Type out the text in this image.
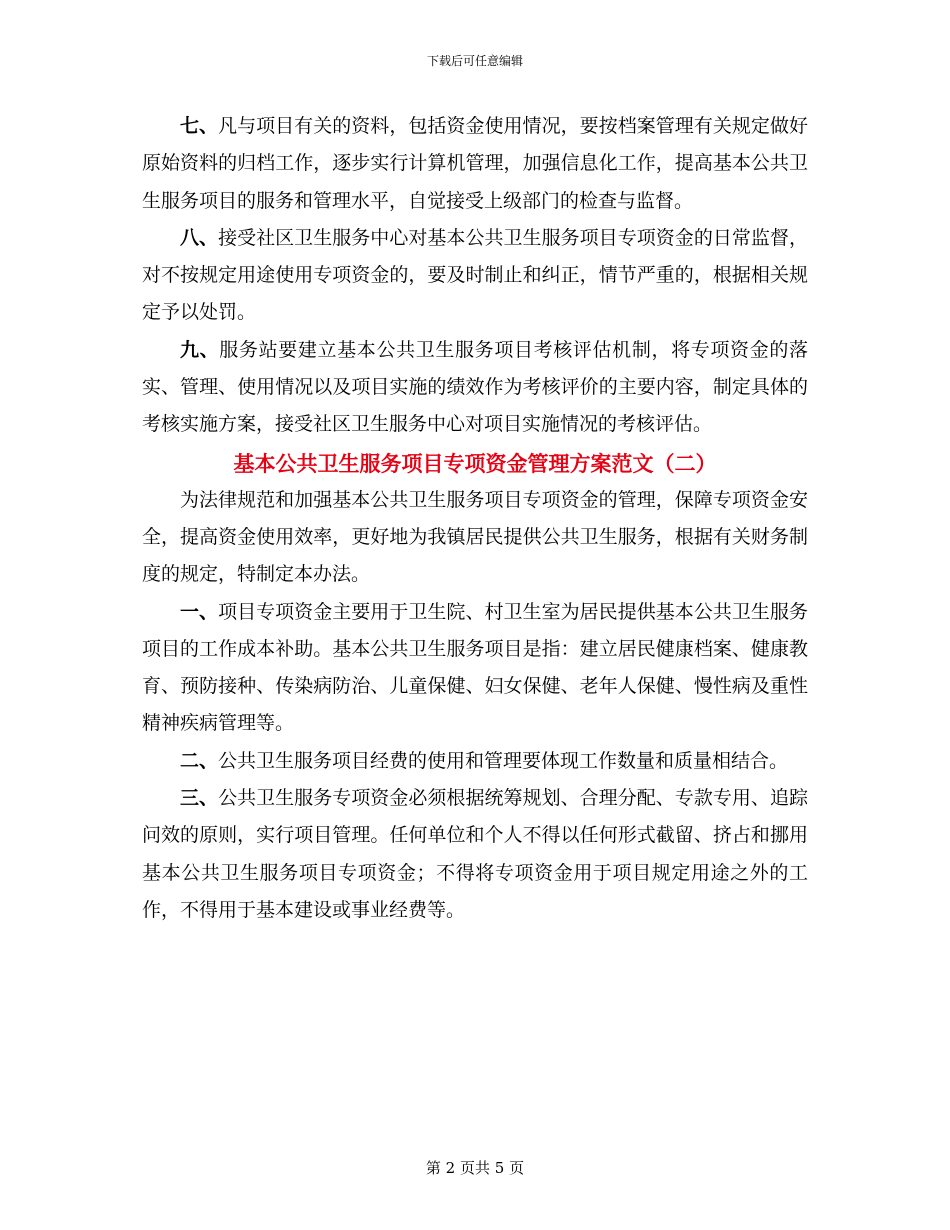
下载后可任意编辑

七、凡与项目有关的资料，包括资金使用情况，要按档案管理有关规定做好原始资料的归档工作，逐步实行计算机管理，加强信息化工作，提高基本公共卫生服务项目的服务和管理水平，自觉接受上级部门的检查与监督。

八、接受社区卫生服务中心对基本公共卫生服务项目专项资金的日常监督，对不按规定用途使用专项资金的，要及时制止和纠正，情节严重的，根据相关规定予以处罚。

九、服务站要建立基本公共卫生服务项目考核评估机制，将专项资金的落实、管理、使用情况以及项目实施的绩效作为考核评价的主要内容，制定具体的考核实施方案，接受社区卫生服务中心对项目实施情况的考核评估。

基本公共卫生服务项目专项资金管理方案范文（二）

为法律规范和加强基本公共卫生服务项目专项资金的管理，保障专项资金安全，提高资金使用效率，更好地为我镇居民提供公共卫生服务，根据有关财务制度的规定，特制定本办法。

一、项目专项资金主要用于卫生院、村卫生室为居民提供基本公共卫生服务项目的工作成本补助。基本公共卫生服务项目是指：建立居民健康档案、健康教育、预防接种、传染病防治、儿童保健、妇女保健、老年人保健、慢性病及重性精神疾病管理等。

二、公共卫生服务项目经费的使用和管理要体现工作数量和质量相结合。

三、公共卫生服务专项资金必须根据统筹规划、合理分配、专款专用、追踪问效的原则，实行项目管理。任何单位和个人不得以任何形式截留、挤占和挪用基本公共卫生服务项目专项资金；不得将专项资金用于项目规定用途之外的工作，不得用于基本建设或事业经费等。

第 2 页共 5 页
